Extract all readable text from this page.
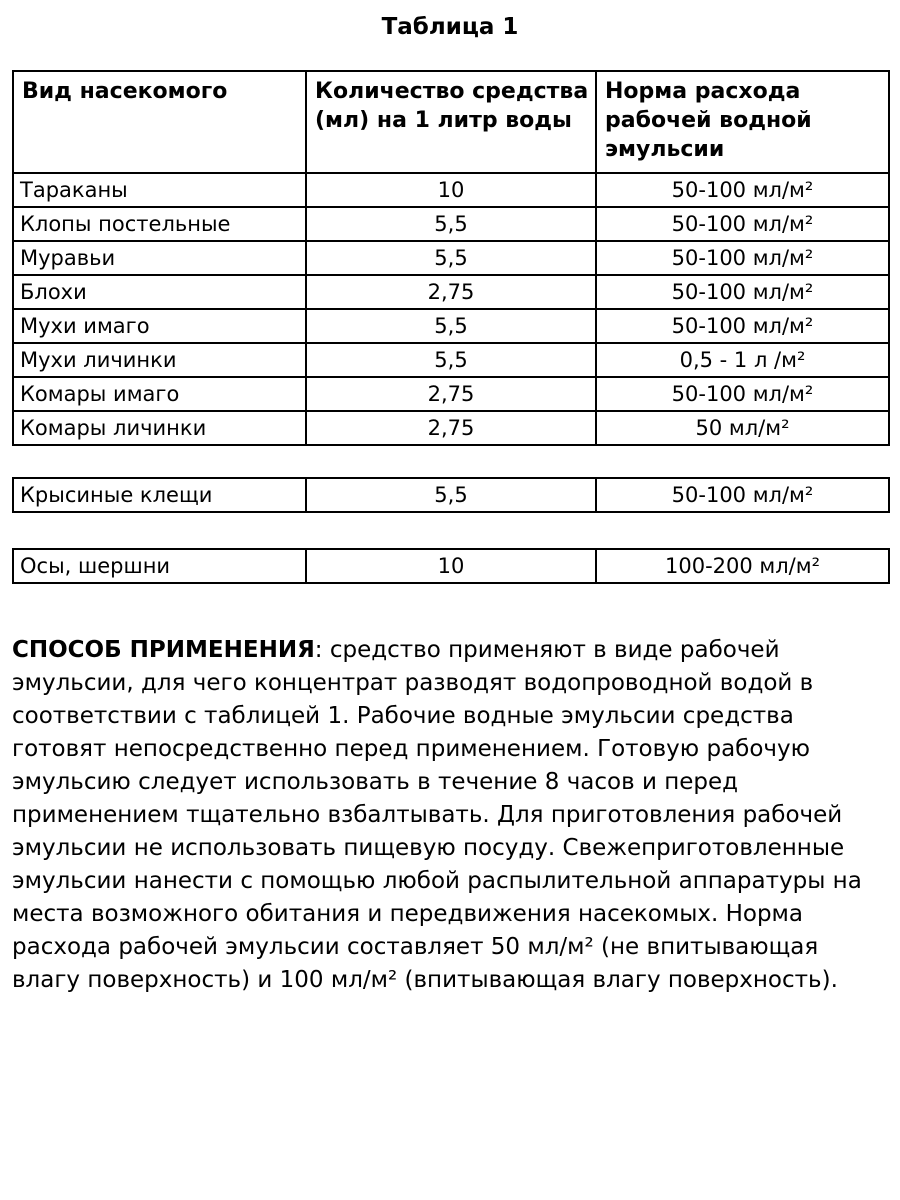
Таблица 1
Вид насекомого	Количество средства (мл) на 1 литр воды	Норма расхода рабочей водной эмульсии
Тараканы	10	50-100 мл/м²
Клопы постельные	5,5	50-100 мл/м²
Муравьи	5,5	50-100 мл/м²
Блохи	2,75	50-100 мл/м²
Мухи имаго	5,5	50-100 мл/м²
Мухи личинки	5,5	0,5 - 1 л /м²
Комары имаго	2,75	50-100 мл/м²
Комары личинки	2,75	50 мл/м²
Крысиные клещи	5,5	50-100 мл/м²
Осы, шершни	10	100-200 мл/м²

СПОСОБ ПРИМЕНЕНИЯ: средство применяют в виде рабочей эмульсии, для чего концентрат разводят водопроводной водой в соответствии с таблицей 1. Рабочие водные эмульсии средства готовят непосредственно перед применением. Готовую рабочую эмульсию следует использовать в течение 8 часов и перед применением тщательно взбалтывать. Для приготовления рабочей эмульсии не использовать пищевую посуду. Свежеприготовленные эмульсии нанести с помощью любой распылительной аппаратуры на места возможного обитания и передвижения насекомых. Норма расхода рабочей эмульсии составляет 50 мл/м² (не впитывающая влагу поверхность) и 100 мл/м² (впитывающая влагу поверхность).
